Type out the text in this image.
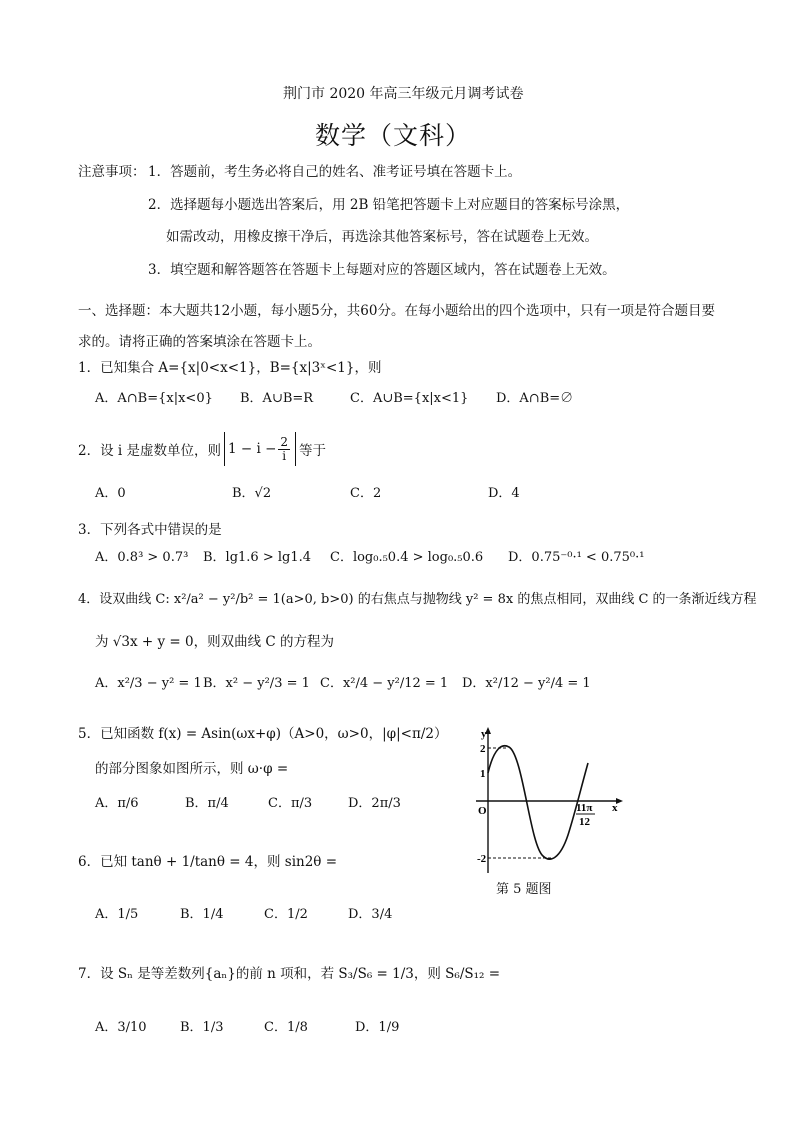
荆门市 2020 年高三年级元月调考试卷
数学（文科）
注意事项： 1．答题前，考生务必将自己的姓名、准考证号填在答题卡上。
2．选择题每小题选出答案后，用 2B 铅笔把答题卡上对应题目的答案标号涂黑，
如需改动，用橡皮擦干净后，再选涂其他答案标号，答在试题卷上无效。
3．填空题和解答题答在答题卡上每题对应的答题区域内，答在试题卷上无效。
一、选择题：本大题共12小题，每小题5分，共60分。在每小题给出的四个选项中，只有一项是符合题目要
求的。请将正确的答案填涂在答题卡上。
1．已知集合 A={x|0<x<1}，B={x|3ˣ<1}，则
A．A∩B={x|x<0} B．A∪B=R	C．A∪B={x|x<1} D．A∩B=∅
2．设 i 是虚数单位，则 $1 - i - \frac{2}{i}$ 等于
A．0	B．√2	C．2	D．4
3．下列各式中错误的是
A．0.8³ > 0.7³ B．lg1.6 > lg1.4 C．log₀.₅0.4 > log₀.₅0.6 D．0.75⁻⁰·¹ < 0.75⁰·¹
4．设双曲线 C: x²/a² − y²/b² = 1(a>0, b>0) 的右焦点与抛物线 y² = 8x 的焦点相同，双曲线 C 的一条渐近线方程
为 √3x + y = 0，则双曲线 C 的方程为
A．x²/3 − y² = 1 B．x² − y²/3 = 1 C．x²/4 − y²/12 = 1 D．x²/12 − y²/4 = 1
5．已知函数 f(x) = Asin(ωx+φ)（A>0，ω>0，|φ|<π/2）
的部分图象如图所示，则 ω·φ =
A．π/6	B．π/4	C．π/3	D．2π/3
y
x
O
2
1
-2
11π
12
第 5 题图
6．已知 tanθ + 1/tanθ = 4，则 sin2θ =
A．1/5	B．1/4	C．1/2	D．3/4
7．设 Sₙ 是等差数列{aₙ}的前 n 项和，若 S₃/S₆ = 1/3，则 S₆/S₁₂ =
A．3/10	B．1/3	C．1/8	D．1/9
